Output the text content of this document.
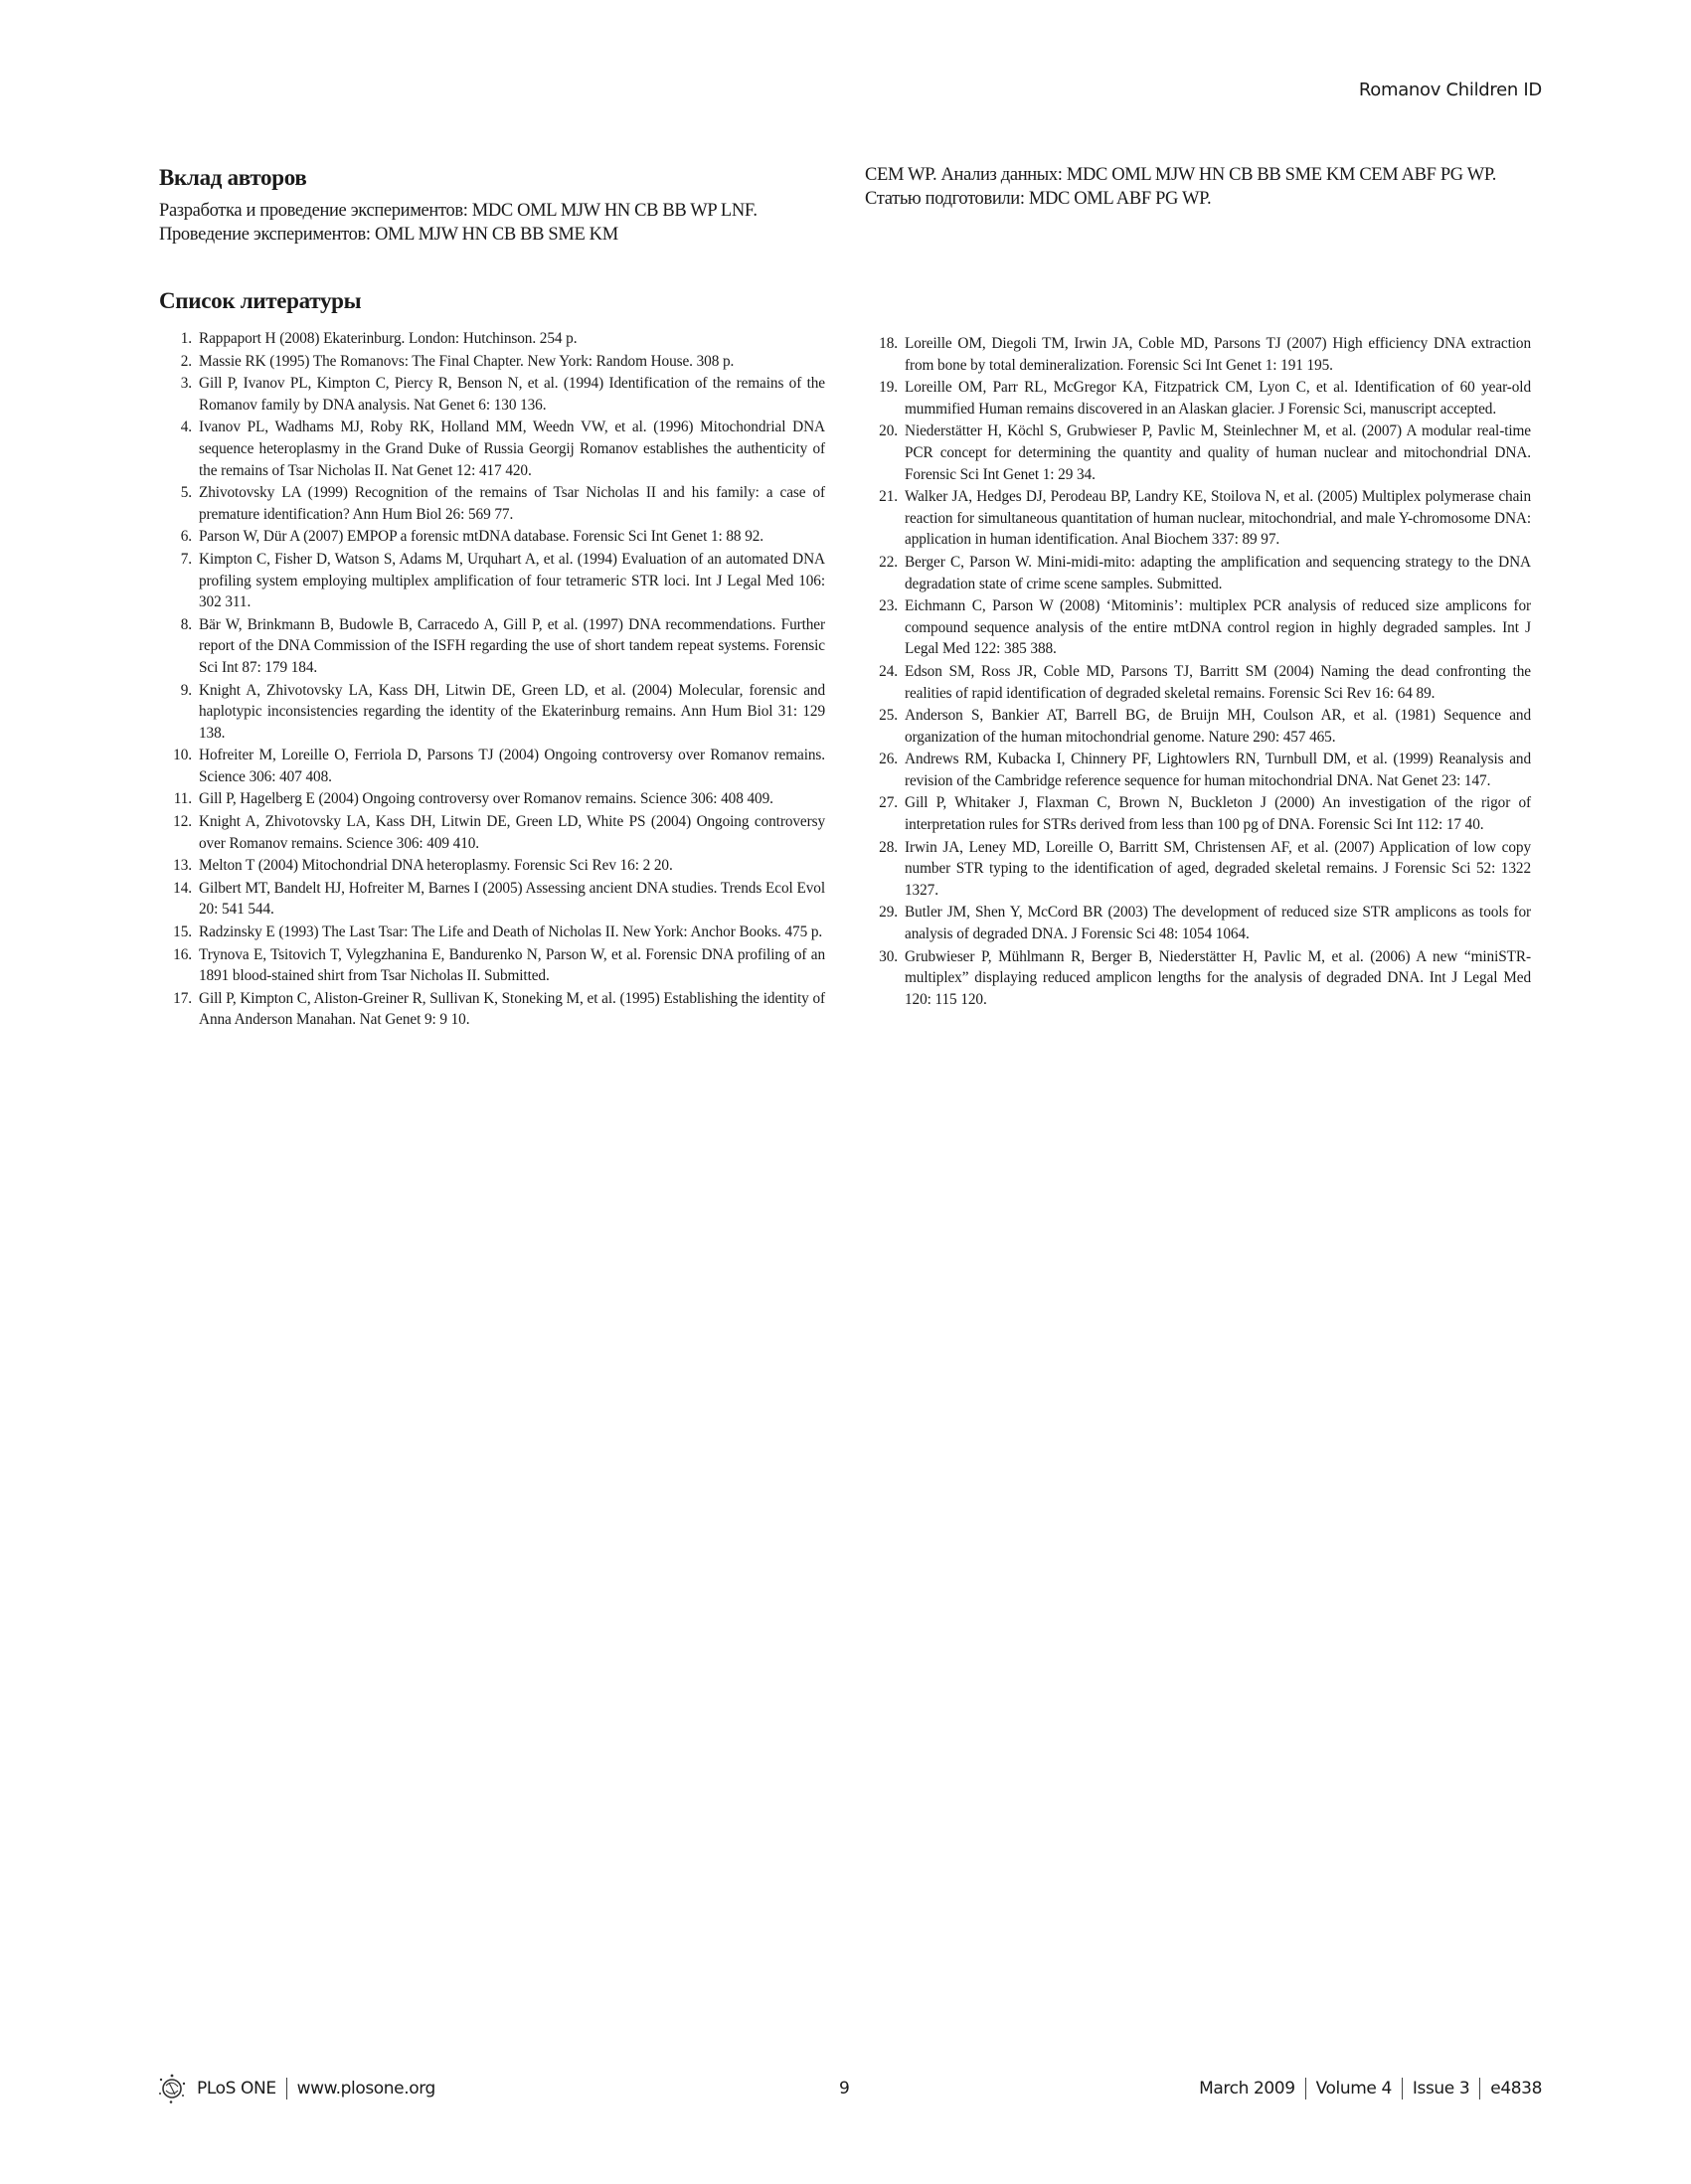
Romanov Children ID
Вклад авторов

Разработка и проведение экспериментов: MDC OML MJW HN CB BB WP LNF. Проведение экспериментов: OML MJW HN CB BB SME KM

CEM WP. Анализ данных: MDC OML MJW HN CB BB SME KM CEM ABF PG WP. Статью подготовили: MDC OML ABF PG WP.

Список литературы
1. Rappaport H (2008) Ekaterinburg. London: Hutchinson. 254 p.
2. Massie RK (1995) The Romanovs: The Final Chapter. New York: Random House. 308 p.
3. Gill P, Ivanov PL, Kimpton C, Piercy R, Benson N, et al. (1994) Identification of the remains of the Romanov family by DNA analysis. Nat Genet 6: 130 136.
4. Ivanov PL, Wadhams MJ, Roby RK, Holland MM, Weedn VW, et al. (1996) Mitochondrial DNA sequence heteroplasmy in the Grand Duke of Russia Georgij Romanov establishes the authenticity of the remains of Tsar Nicholas II. Nat Genet 12: 417 420.
5. Zhivotovsky LA (1999) Recognition of the remains of Tsar Nicholas II and his family: a case of premature identification? Ann Hum Biol 26: 569 77.
6. Parson W, Dür A (2007) EMPOP a forensic mtDNA database. Forensic Sci Int Genet 1: 88 92.
7. Kimpton C, Fisher D, Watson S, Adams M, Urquhart A, et al. (1994) Evaluation of an automated DNA profiling system employing multiplex amplification of four tetrameric STR loci. Int J Legal Med 106: 302 311.
8. Bär W, Brinkmann B, Budowle B, Carracedo A, Gill P, et al. (1997) DNA recommendations. Further report of the DNA Commission of the ISFH regarding the use of short tandem repeat systems. Forensic Sci Int 87: 179 184.
9. Knight A, Zhivotovsky LA, Kass DH, Litwin DE, Green LD, et al. (2004) Molecular, forensic and haplotypic inconsistencies regarding the identity of the Ekaterinburg remains. Ann Hum Biol 31: 129 138.
10. Hofreiter M, Loreille O, Ferriola D, Parsons TJ (2004) Ongoing controversy over Romanov remains. Science 306: 407 408.
11. Gill P, Hagelberg E (2004) Ongoing controversy over Romanov remains. Science 306: 408 409.
12. Knight A, Zhivotovsky LA, Kass DH, Litwin DE, Green LD, White PS (2004) Ongoing controversy over Romanov remains. Science 306: 409 410.
13. Melton T (2004) Mitochondrial DNA heteroplasmy. Forensic Sci Rev 16: 2 20.
14. Gilbert MT, Bandelt HJ, Hofreiter M, Barnes I (2005) Assessing ancient DNA studies. Trends Ecol Evol 20: 541 544.
15. Radzinsky E (1993) The Last Tsar: The Life and Death of Nicholas II. New York: Anchor Books. 475 p.
16. Trynova E, Tsitovich T, Vylegzhanina E, Bandurenko N, Parson W, et al. Forensic DNA profiling of an 1891 blood-stained shirt from Tsar Nicholas II. Submitted.
17. Gill P, Kimpton C, Aliston-Greiner R, Sullivan K, Stoneking M, et al. (1995) Establishing the identity of Anna Anderson Manahan. Nat Genet 9: 9 10.
18. Loreille OM, Diegoli TM, Irwin JA, Coble MD, Parsons TJ (2007) High efficiency DNA extraction from bone by total demineralization. Forensic Sci Int Genet 1: 191 195.
19. Loreille OM, Parr RL, McGregor KA, Fitzpatrick CM, Lyon C, et al. Identification of 60 year-old mummified Human remains discovered in an Alaskan glacier. J Forensic Sci, manuscript accepted.
20. Niederstätter H, Köchl S, Grubwieser P, Pavlic M, Steinlechner M, et al. (2007) A modular real-time PCR concept for determining the quantity and quality of human nuclear and mitochondrial DNA. Forensic Sci Int Genet 1: 29 34.
21. Walker JA, Hedges DJ, Perodeau BP, Landry KE, Stoilova N, et al. (2005) Multiplex polymerase chain reaction for simultaneous quantitation of human nuclear, mitochondrial, and male Y-chromosome DNA: application in human identification. Anal Biochem 337: 89 97.
22. Berger C, Parson W. Mini-midi-mito: adapting the amplification and sequencing strategy to the DNA degradation state of crime scene samples. Submitted.
23. Eichmann C, Parson W (2008) ‘Mitominis’: multiplex PCR analysis of reduced size amplicons for compound sequence analysis of the entire mtDNA control region in highly degraded samples. Int J Legal Med 122: 385 388.
24. Edson SM, Ross JR, Coble MD, Parsons TJ, Barritt SM (2004) Naming the dead confronting the realities of rapid identification of degraded skeletal remains. Forensic Sci Rev 16: 64 89.
25. Anderson S, Bankier AT, Barrell BG, de Bruijn MH, Coulson AR, et al. (1981) Sequence and organization of the human mitochondrial genome. Nature 290: 457 465.
26. Andrews RM, Kubacka I, Chinnery PF, Lightowlers RN, Turnbull DM, et al. (1999) Reanalysis and revision of the Cambridge reference sequence for human mitochondrial DNA. Nat Genet 23: 147.
27. Gill P, Whitaker J, Flaxman C, Brown N, Buckleton J (2000) An investigation of the rigor of interpretation rules for STRs derived from less than 100 pg of DNA. Forensic Sci Int 112: 17 40.
28. Irwin JA, Leney MD, Loreille O, Barritt SM, Christensen AF, et al. (2007) Application of low copy number STR typing to the identification of aged, degraded skeletal remains. J Forensic Sci 52: 1322 1327.
29. Butler JM, Shen Y, McCord BR (2003) The development of reduced size STR amplicons as tools for analysis of degraded DNA. J Forensic Sci 48: 1054 1064.
30. Grubwieser P, Mühlmann R, Berger B, Niederstätter H, Pavlic M, et al. (2006) A new “miniSTR-multiplex” displaying reduced amplicon lengths for the analysis of degraded DNA. Int J Legal Med 120: 115 120.
PLoS ONE www.plosone.org	9	March 2009 Volume 4 Issue 3 e4838
